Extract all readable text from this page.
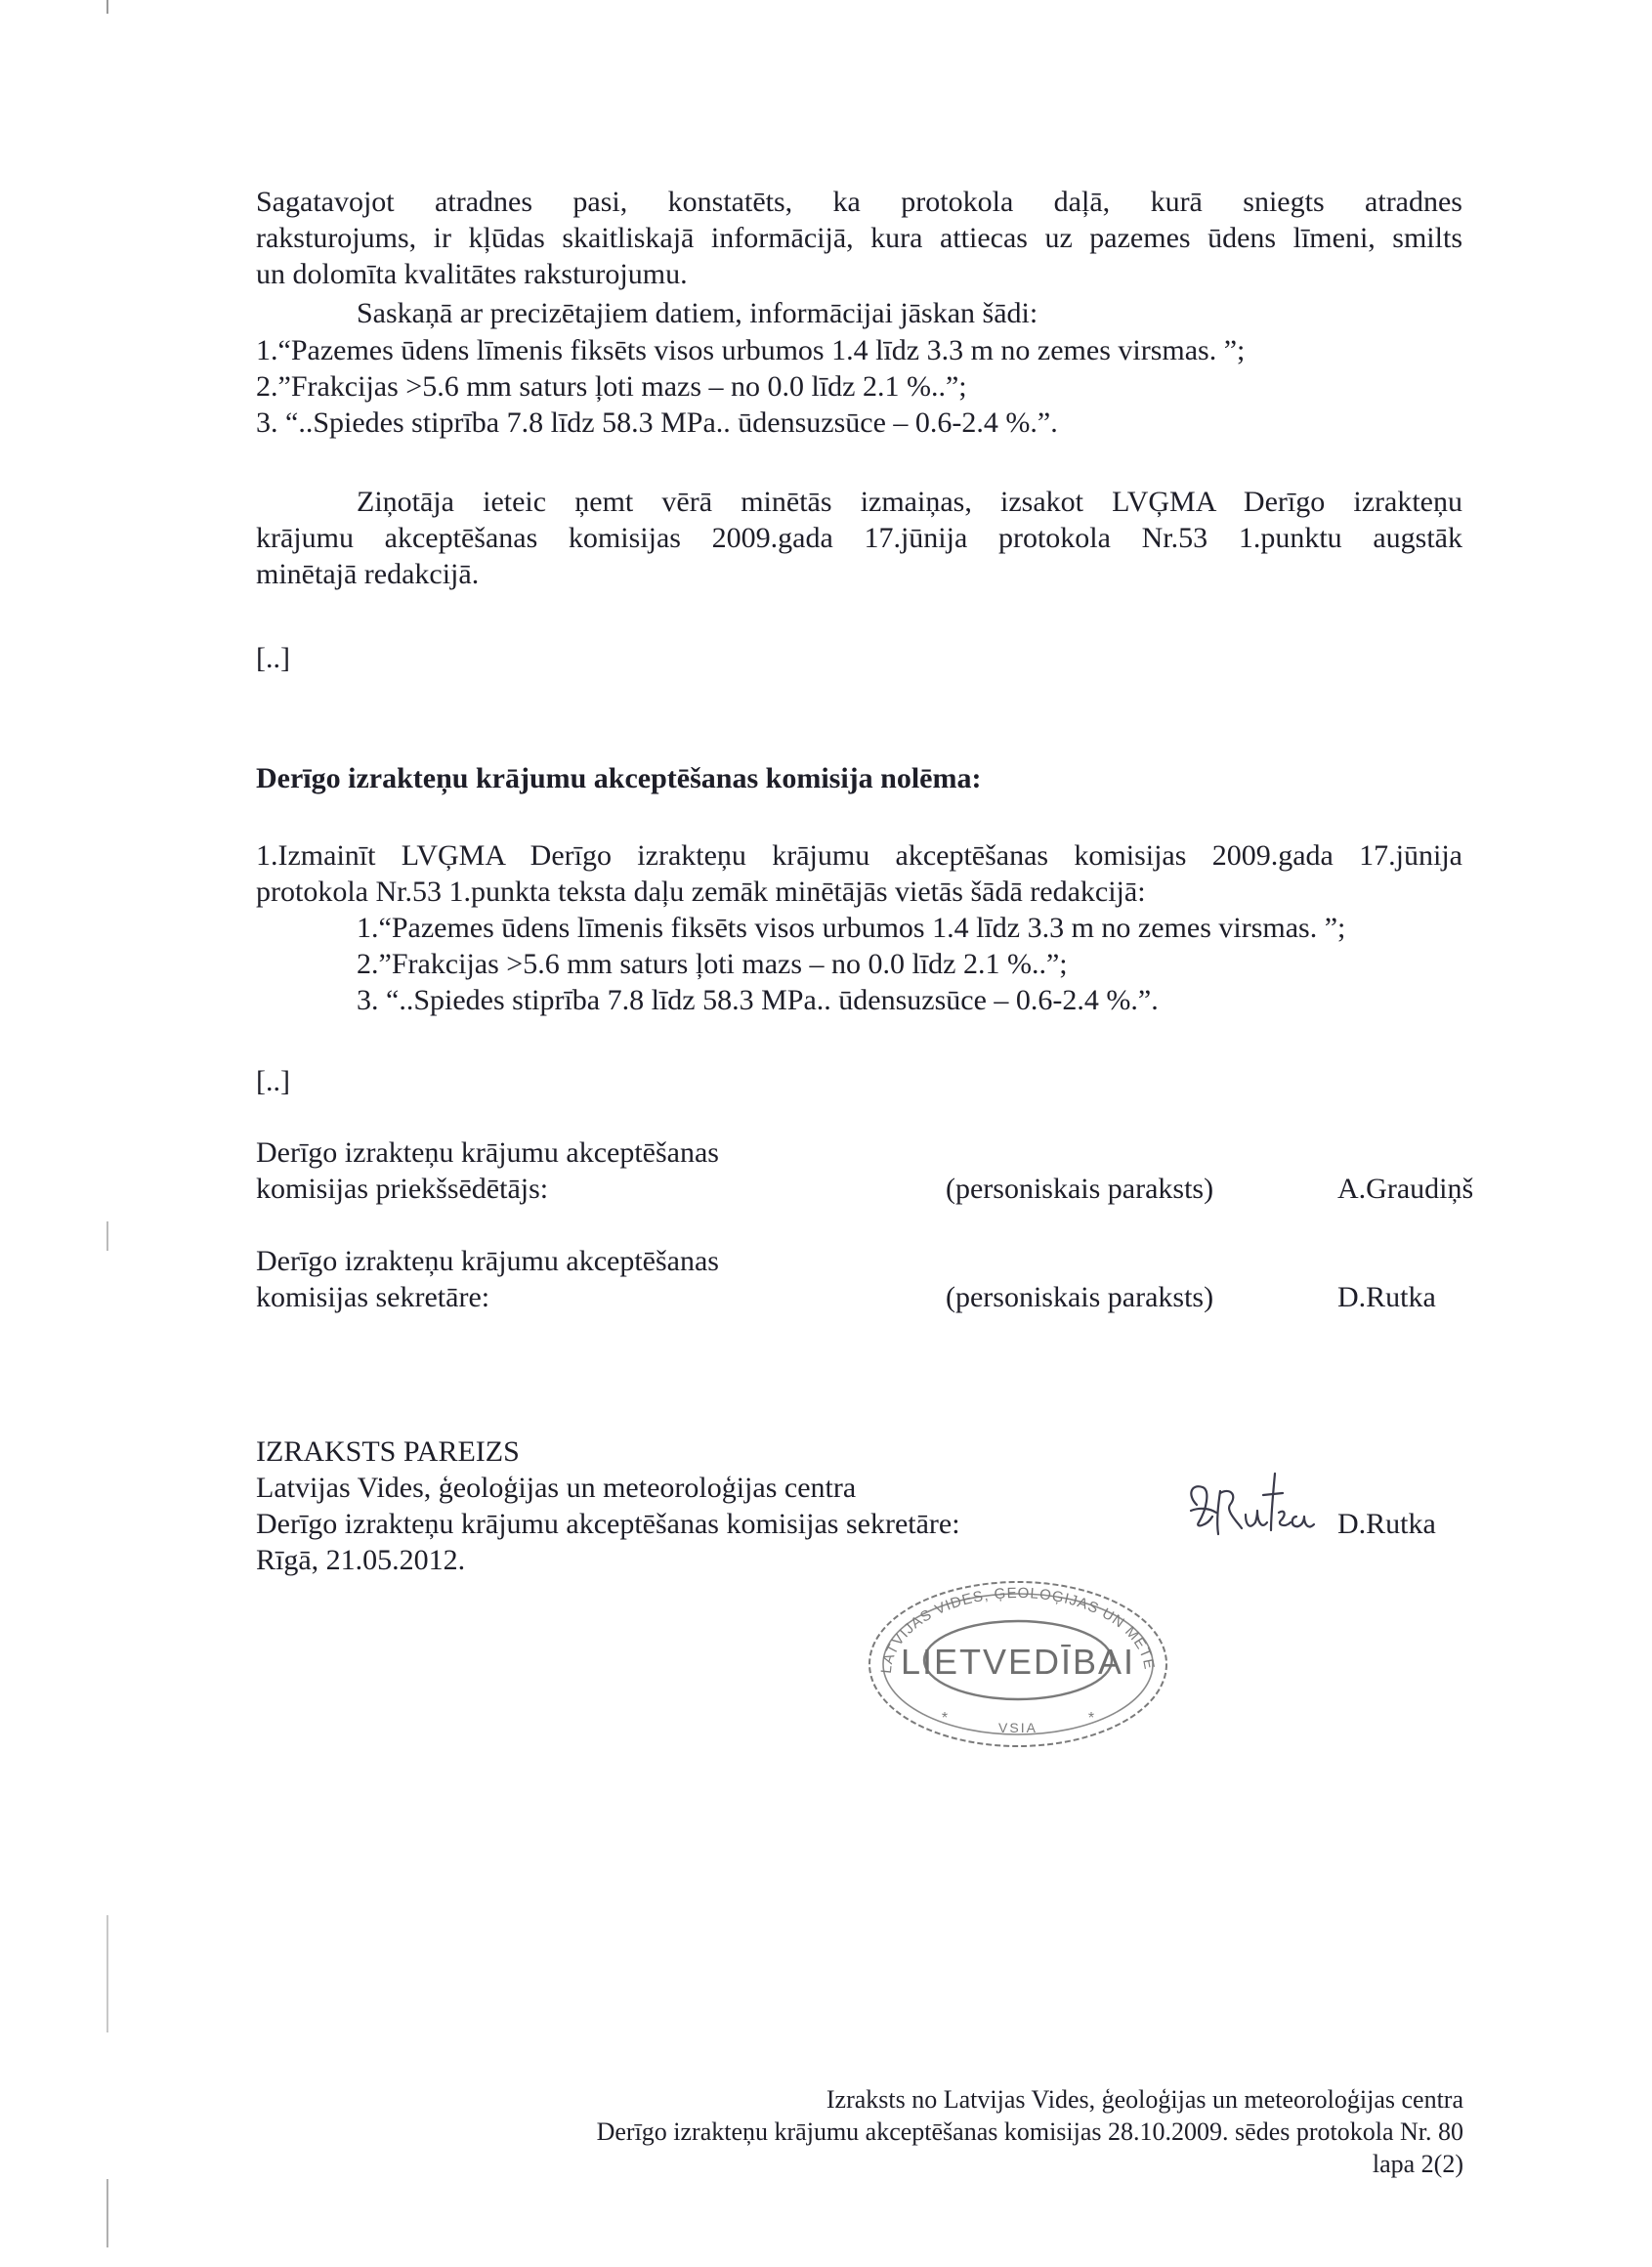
Sagatavojot atradnes pasi, konstatēts, ka protokola daļā, kurā sniegts atradnes
raksturojums, ir kļūdas skaitliskajā informācijā, kura attiecas uz pazemes ūdens līmeni, smilts
un dolomīta kvalitātes raksturojumu.
Saskaņā ar precizētajiem datiem, informācijai jāskan šādi:
1.“Pazemes ūdens līmenis fiksēts visos urbumos 1.4 līdz 3.3 m no zemes virsmas. ”;
2.”Frakcijas >5.6 mm saturs ļoti mazs – no 0.0 līdz 2.1 %..”;
3. “..Spiedes stiprība 7.8 līdz 58.3 MPa.. ūdensuzsūce – 0.6-2.4 %.”.
Ziņotāja ieteic ņemt vērā minētās izmaiņas, izsakot LVĢMA Derīgo izrakteņu
krājumu akceptēšanas komisijas 2009.gada 17.jūnija protokola Nr.53 1.punktu augstāk
minētajā redakcijā.
[..]
Derīgo izrakteņu krājumu akceptēšanas komisija nolēma:
1.Izmainīt LVĢMA Derīgo izrakteņu krājumu akceptēšanas komisijas 2009.gada 17.jūnija
protokola Nr.53 1.punkta teksta daļu zemāk minētājās vietās šādā redakcijā:
1.“Pazemes ūdens līmenis fiksēts visos urbumos 1.4 līdz 3.3 m no zemes virsmas. ”;
2.”Frakcijas >5.6 mm saturs ļoti mazs – no 0.0 līdz 2.1 %..”;
3. “..Spiedes stiprība 7.8 līdz 58.3 MPa.. ūdensuzsūce – 0.6-2.4 %.”.
[..]
Derīgo izrakteņu krājumu akceptēšanas
komisijas priekšsēdētājs:	(personiskais paraksts)	A.Graudiņš
Derīgo izrakteņu krājumu akceptēšanas
komisijas sekretāre:	(personiskais paraksts)	D.Rutka
IZRAKSTS PAREIZS
Latvijas Vides, ģeoloģijas un meteoroloģijas centra
Derīgo izrakteņu krājumu akceptēšanas komisijas sekretāre:
Rīgā, 21.05.2012.
D.Rutka
LATVIJAS VIDES, ĢEOLOĢIJAS UN METE
LIETVEDĪBAI
VSIA
*	*
Izraksts no Latvijas Vides, ģeoloģijas un meteoroloģijas centra
Derīgo izrakteņu krājumu akceptēšanas komisijas 28.10.2009. sēdes protokola Nr. 80
lapa 2(2)
